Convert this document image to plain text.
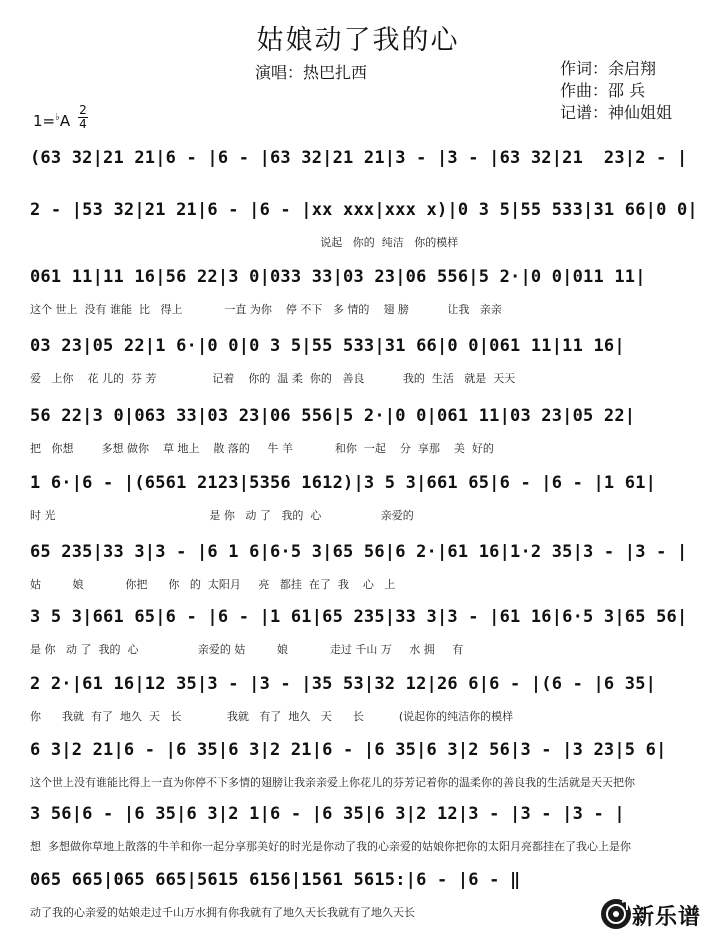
姑娘动了我的心
演唱：热巴扎西	作词：余启翔
作曲：邵 兵
记谱：神仙姐姐
1=♭A
2
4
(63 32|21 21|6 - |6 - |63 32|21 21|3 - |3 - |63 32|21  23|2 - |
2 - |53 32|21 21|6 - |6 - |xx xxx|xxx x)|0 3 5|55 533|31 66|0 0|
说起   你的  纯洁   你的模样
061 11|11 16|56 22|3 0|033 33|03 23|06 556|5 2·|0 0|011 11|
这个 世上  没有 谁能  比   得上            一直 为你    停 不下   多 情的    翅 膀           让我   亲亲
03 23|05 22|1 6·|0 0|0 3 5|55 533|31 66|0 0|061 11|11 16|
爱   上你    花 儿的  芬 芳                记着    你的  温 柔  你的   善良           我的  生活   就是  天天
56 22|3 0|063 33|03 23|06 556|5 2·|0 0|061 11|03 23|05 22|
把   你想        多想 做你    草 地上    散 落的     牛 羊            和你  一起    分  享那    美  好的
1 6·|6 - |(6561 2123|5356 1612)|3 5 3|661 65|6 - |6 - |1 61|
时 光                                            是 你   动 了   我的  心                 亲爱的
65 235|33 3|3 - |6 1 6|6·5 3|65 56|6 2·|61 16|1·2 35|3 - |3 - |
姑         娘            你把      你   的  太阳月     亮   都挂  在了  我    心   上
3 5 3|661 65|6 - |6 - |1 61|65 235|33 3|3 - |61 16|6·5 3|65 56|
是 你   动 了  我的  心                 亲爱的 姑         娘            走过 千山 万     水 拥     有
2 2·|61 16|12 35|3 - |3 - |35 53|32 12|26 6|6 - |(6 - |6 35|
你      我就  有了  地久  天   长             我就   有了  地久   天      长          (说起你的纯洁你的模样
6 3|2 21|6 - |6 35|6 3|2 21|6 - |6 35|6 3|2 56|3 - |3 23|5 6|
这个世上没有谁能比得上一直为你停不下多情的翅膀让我亲亲爱上你花儿的芬芳记着你的温柔你的善良我的生活就是天天把你
3 56|6 - |6 35|6 3|2 1|6 - |6 35|6 3|2 12|3 - |3 - |3 - |
想  多想做你草地上散落的牛羊和你一起分享那美好的时光是你动了我的心亲爱的姑娘你把你的太阳月亮都挂在了我心上是你
065 665|065 665|5615 6156|1561 5615:|6 - |6 - ‖
动了我的心亲爱的姑娘走过千山万水拥有你我就有了地久天长我就有了地久天长	新乐谱
